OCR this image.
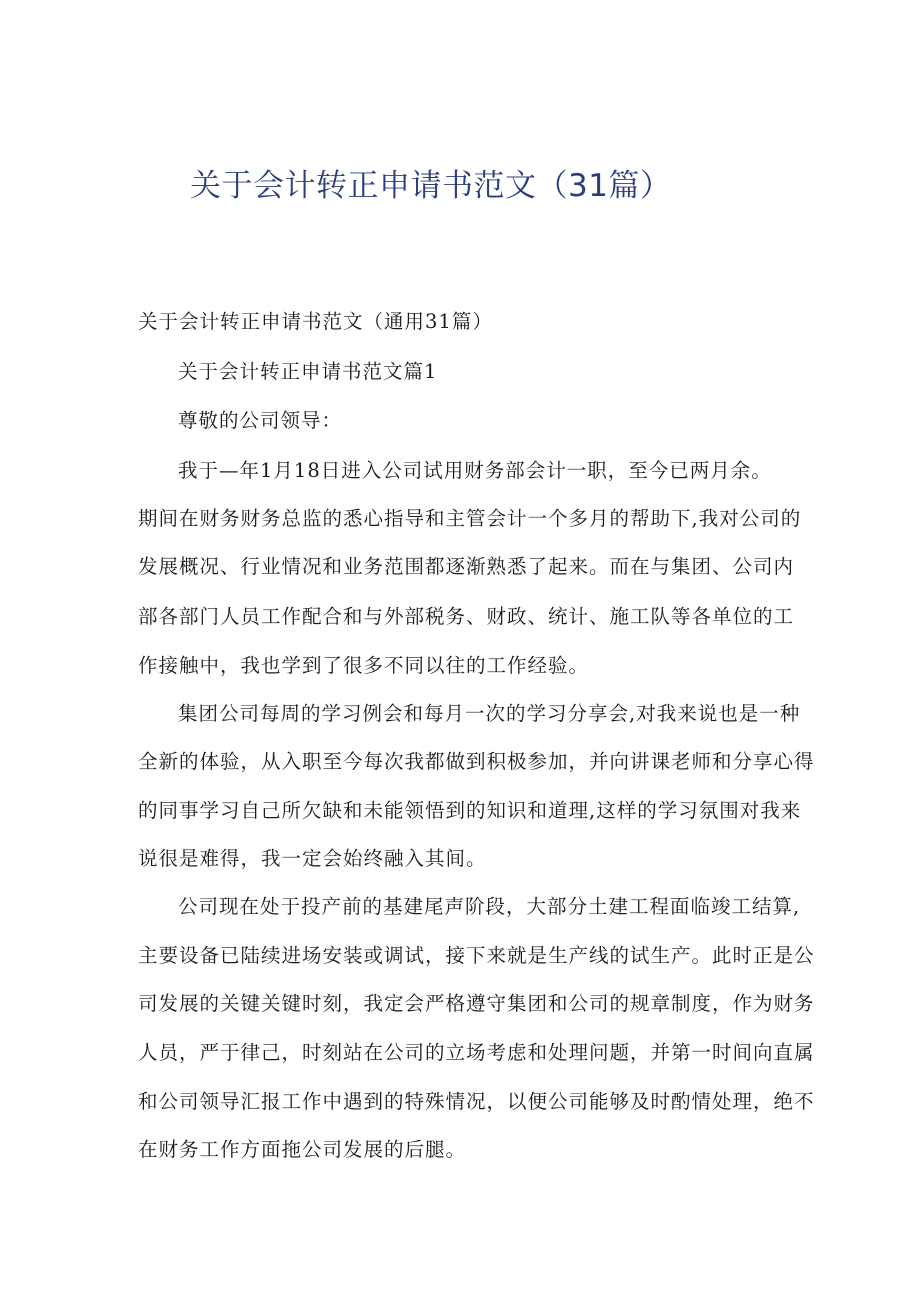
关于会计转正申请书范文（31篇）

关于会计转正申请书范文（通用31篇）

关于会计转正申请书范文篇1

尊敬的公司领导：

我于—年1月18日进入公司试用财务部会计一职，至今已两月余。

期间在财务财务总监的悉心指导和主管会计一个多月的帮助下,我对公司的

发展概况、行业情况和业务范围都逐渐熟悉了起来。而在与集团、公司内

部各部门人员工作配合和与外部税务、财政、统计、施工队等各单位的工

作接触中，我也学到了很多不同以往的工作经验。

集团公司每周的学习例会和每月一次的学习分享会,对我来说也是一种

全新的体验，从入职至今每次我都做到积极参加，并向讲课老师和分享心得

的同事学习自己所欠缺和未能领悟到的知识和道理,这样的学习氛围对我来

说很是难得，我一定会始终融入其间。

公司现在处于投产前的基建尾声阶段，大部分土建工程面临竣工结算,

主要设备已陆续进场安装或调试，接下来就是生产线的试生产。此时正是公

司发展的关键关键时刻，我定会严格遵守集团和公司的规章制度，作为财务

人员，严于律己，时刻站在公司的立场考虑和处理问题，并第一时间向直属

和公司领导汇报工作中遇到的特殊情况，以便公司能够及时酌情处理，绝不

在财务工作方面拖公司发展的后腿。
